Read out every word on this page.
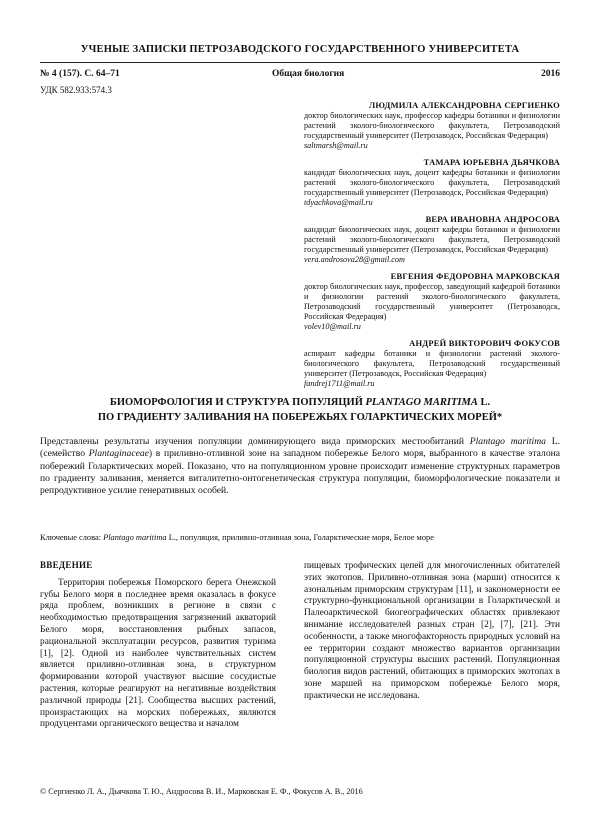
УЧЕНЫЕ ЗАПИСКИ ПЕТРОЗАВОДСКОГО ГОСУДАРСТВЕННОГО УНИВЕРСИТЕТА
№ 4 (157). С. 64–71	Общая биология	2016
УДК 582.933:574.3
ЛЮДМИЛА АЛЕКСАНДРОВНА СЕРГИЕНКО
доктор биологических наук, профессор кафедры ботаники и физиологии растений эколого-биологического факультета, Петрозаводский государственный университет (Петрозаводск, Российская Федерация)
saltmarsh@mail.ru
ТАМАРА ЮРЬЕВНА ДЬЯЧКОВА
кандидат биологических наук, доцент кафедры ботаники и физиологии растений эколого-биологического факультета, Петрозаводский государственный университет (Петрозаводск, Российская Федерация)
tdyachkova@mail.ru
ВЕРА ИВАНОВНА АНДРОСОВА
кандидат биологических наук, доцент кафедры ботаники и физиологии растений эколого-биологического факультета, Петрозаводский государственный университет (Петрозаводск, Российская Федерация)
vera.androsova28@gmail.com
ЕВГЕНИЯ ФЕДОРОВНА МАРКОВСКАЯ
доктор биологических наук, профессор, заведующий кафедрой ботаники и физиологии растений эколого-биологического факультета, Петрозаводский государственный университет (Петрозаводск, Российская Федерация)
volev10@mail.ru
АНДРЕЙ ВИКТОРОВИЧ ФОКУСОВ
аспирант кафедры ботаники и физиологии растений эколого-биологического факультета, Петрозаводский государственный университет (Петрозаводск, Российская Федерация)
fandrej1711@mail.ru
БИОМОРФОЛОГИЯ И СТРУКТУРА ПОПУЛЯЦИЙ PLANTAGO MARITIMA L.
ПО ГРАДИЕНТУ ЗАЛИВАНИЯ НА ПОБЕРЕЖЬЯХ ГОЛАРКТИЧЕСКИХ МОРЕЙ*
Представлены результаты изучения популяции доминирующего вида приморских местообитаний Plantago maritima L. (семейство Plantaginaceae) в приливно-отливной зоне на западном побережье Белого моря, выбранного в качестве эталона побережий Голарктических морей. Показано, что на популяционном уровне происходит изменение структурных параметров по градиенту заливания, меняется виталитетно-онтогенетическая структура популяции, биоморфологические показатели и репродуктивное усилие генеративных особей.
Ключевые слова: Plantago maritima L., популяция, приливно-отливная зона, Голарктические моря, Белое море
ВВЕДЕНИЕ

Территория побережья Поморского берега Онежской губы Белого моря в последнее время оказалась в фокусе ряда проблем, возникших в регионе в связи с необходимостью предотвращения загрязнений акваторий Белого моря, восстановления рыбных запасов, рациональной эксплуатации ресурсов, развития туризма [1], [2]. Одной из наиболее чувствительных систем является приливно-отливная зона, в структурном формировании которой участвуют высшие сосудистые растения, которые реагируют на негативные воздействия различной природы [21]. Сообщества высших растений, произрастающих на морских побережьях, являются продуцентами органического вещества и началом

пищевых трофических цепей для многочисленных обитателей этих экотопов. Приливно-отливная зона (марши) относится к азональным приморским структурам [11], и закономерности ее структурно-функциональной организации в Голарктической и Палеоарктической биогеографических областях привлекают внимание исследователей разных стран [2], [7], [21]. Эти особенности, а также многофакторность природных условий на ее территории создают множество вариантов организации популяционной структуры высших растений. Популяционная биология видов растений, обитающих в приморских экотопах в зоне маршей на приморском побережье Белого моря, практически не исследована.

© Сергиенко Л. А., Дьячкова Т. Ю., Андросова В. И., Марковская Е. Ф., Фокусов А. В., 2016
